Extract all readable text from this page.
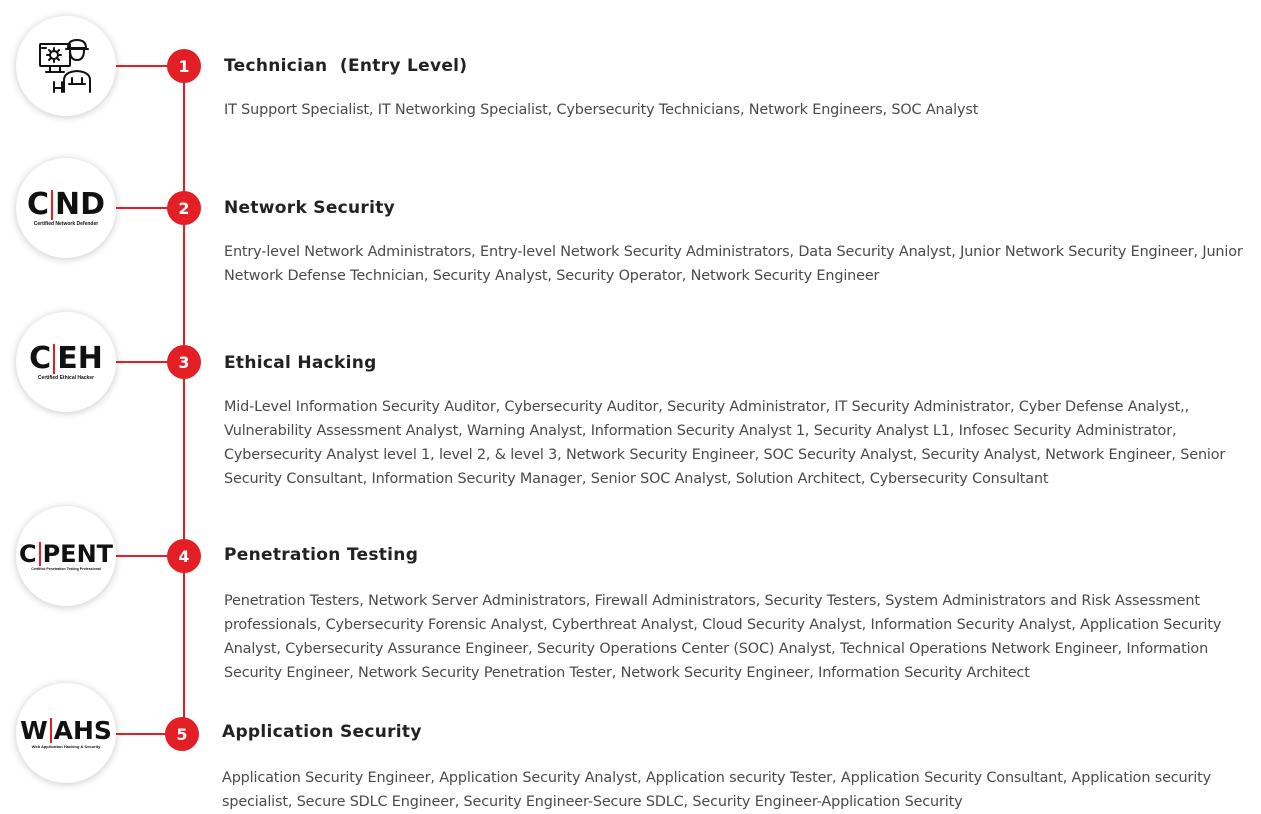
1	Technician  (Entry Level)

IT Support Specialist, IT Networking Specialist, Cybersecurity Technicians, Network Engineers, SOC Analyst

C ND
Certified Network Defender
2	Network Security

Entry-level Network Administrators, Entry-level Network Security Administrators, Data Security Analyst, Junior Network Security Engineer, Junior Network Defense Technician, Security Analyst, Security Operator, Network Security Engineer

C EH
Certified Ethical Hacker
3	Ethical Hacking

Mid-Level Information Security Auditor, Cybersecurity Auditor, Security Administrator, IT Security Administrator, Cyber Defense Analyst,, Vulnerability Assessment Analyst, Warning Analyst, Information Security Analyst 1, Security Analyst L1, Infosec Security Administrator, Cybersecurity Analyst level 1, level 2, & level 3, Network Security Engineer, SOC Security Analyst, Security Analyst, Network Engineer, Senior Security Consultant, Information Security Manager, Senior SOC Analyst, Solution Architect, Cybersecurity Consultant

C PENT
Certified Penetration Testing Professional
4	Penetration Testing

Penetration Testers, Network Server Administrators, Firewall Administrators, Security Testers, System Administrators and Risk Assessment professionals, Cybersecurity Forensic Analyst, Cyberthreat Analyst, Cloud Security Analyst, Information Security Analyst, Application Security Analyst, Cybersecurity Assurance Engineer, Security Operations Center (SOC) Analyst, Technical Operations Network Engineer, Information Security Engineer, Network Security Penetration Tester, Network Security Engineer, Information Security Architect

W AHS
Web Application Hacking & Security
5	Application Security

Application Security Engineer, Application Security Analyst, Application security Tester, Application Security Consultant, Application security specialist, Secure SDLC Engineer, Security Engineer-Secure SDLC, Security Engineer-Application Security
